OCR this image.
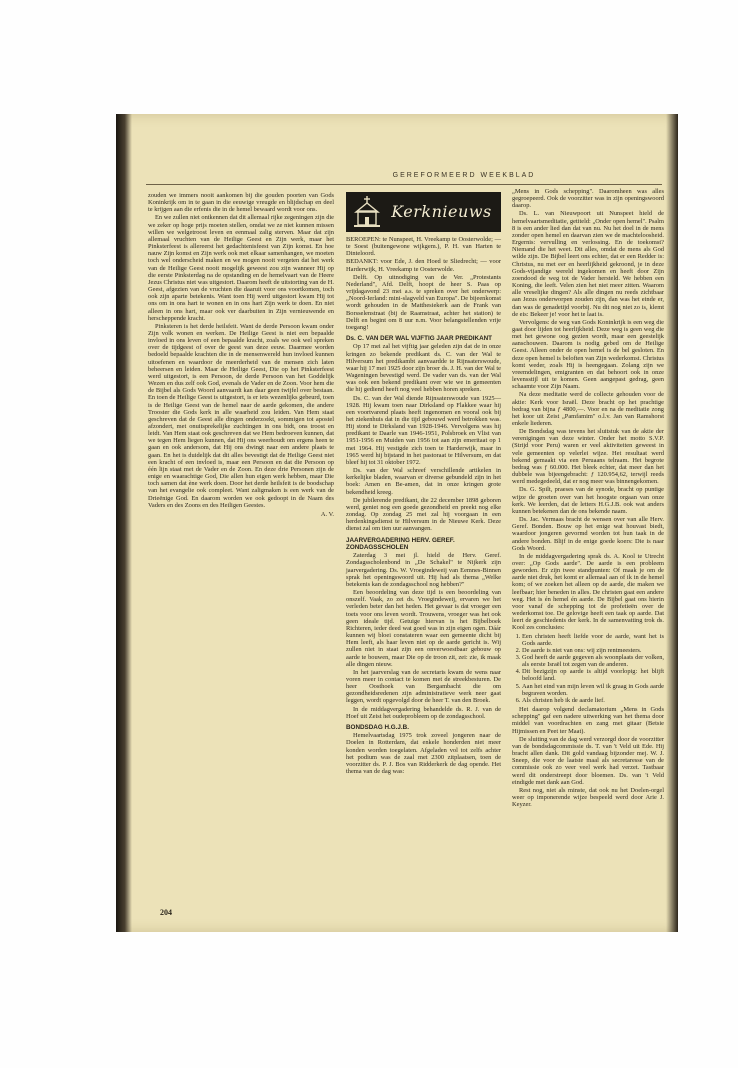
GEREFORMEERD WEEKBLAD

zouden we immers nooit aankomen bij die gouden poorten van Gods Koninkrijk om in te gaan in die eeuwige vreugde en blijdschap en deel te krijgen aan die erfenis die in de hemel bewaard wordt voor ons.

En we zullen niet ontkennen dat dit allemaal rijke zegeningen zijn die we zeker op hoge prijs moeten stellen, omdat we ze niet kunnen missen willen we welgetroost leven en eenmaal zalig sterven. Maar dat zijn allemaal vruchten van de Heilige Geest en Zijn werk, maar het Pinksterfeest is allereerst het gedachtenisfeest van Zijn komst. En hoe nauw Zijn komst en Zijn werk ook met elkaar samenhangen, we moeten toch wel onderscheid maken en we mogen nooit vergeten dat het werk van de Heilige Geest nooit mogelijk geweest zou zijn wanneer Hij op die eerste Pinksterdag na de opstanding en de hemelvaart van de Heere Jezus Christus niet was uitgestort. Daarom heeft de uitstorting van de H. Geest, afgezien van de vruchten die daaruit voor ons voortkomen, toch ook zijn aparte betekenis. Want toen Hij werd uitgestort kwam Hij tot ons om in ons hart te wonen en in ons hart Zijn werk te doen. En niet alleen in ons hart, maar ook ver daarbuiten in Zijn vernieuwende en herscheppende kracht.

Pinksteren is het derde heilsfeit. Want de derde Persoon kwam onder Zijn volk wonen en werken. De Heilige Geest is niet een bepaalde invloed in ons leven of een bepaalde kracht, zoals we ook wel spreken over de tijdgeest of over de geest van deze eeuw. Daarmee worden bedoeld bepaalde krachten die in de mensenwereld hun invloed kunnen uitoefenen en waardoor de meerderheid van de mensen zich laten beheersen en leiden. Maar de Heilige Geest, Die op het Pinksterfeest werd uitgestort, is een Persoon, de derde Persoon van het Goddelijk Wezen en dus zelf ook God, evenals de Vader en de Zoon. Voor hem die de Bijbel als Gods Woord aanvaardt kan daar geen twijfel over bestaan. En toen de Heilige Geest is uitgestort, is er iets wezenlijks gebeurd, toen is de Heilige Geest van de hemel naar de aarde gekomen, die andere Trooster die Gods kerk in alle waarheid zou leiden. Van Hem staat geschreven dat de Geest alle dingen onderzoekt, sommigen tot apostel afzondert, met onuitsprekelijke zuchtingen in ons bidt, ons troost en leidt. Van Hem staat ook geschreven dat we Hem bedroeven kunnen, dat we tegen Hem liegen kunnen, dat Hij ons weerhoudt om ergens heen te gaan en ook andersom, dat Hij ons dwingt naar een andere plaats te gaan. En het is duidelijk dat dit alles bevestigt dat de Heilige Geest niet een kracht of een invloed is, maar een Persoon en dat die Persoon op één lijn staat met de Vader en de Zoon. En deze drie Personen zijn de enige en waarachtige God, Die allen hun eigen werk hebben, maar Die toch samen dat ène werk doen. Door het derde heilsfeit is de boodschap van het evangelie ook compleet. Want zaligmaken is een werk van de Drieënige God. En daarom worden we ook gedoopt in de Naam des Vaders en des Zoons en des Heiligen Geestes.

A. V.
Kerknieuws

BEROEPEN: te Nunspeet, H. Vreekamp te Oosterwolde; — te Soest (buitengewone wijkgem.), P. H. van Harten te Dinteloord.

BEDANKT: voor Ede, J. den Hoed te Sliedrecht; — voor Harderwijk, H. Vreekamp te Oosterwolde.

Delft. Op uitnodiging van de Ver. „Protestants Nederland", Afd. Delft, hoopt de heer S. Paas op vrijdagavond 23 mei a.s. te spreken over het onderwerp: „Noord-Ierland: mini-slagveld van Europa". De bijeenkomst wordt gehouden in de Matthesiekerk aan de Frank van Borsselenstraat (bij de Raamstraat, achter het station) te Delft en begint om 8 uur n.m. Voor belangstellenden vrije toegang!

Ds. C. VAN DER WAL VIJFTIG JAAR PREDIKANT

Op 17 mei zal het vijftig jaar geleden zijn dat de in onze kringen zo bekende predikant ds. C. van der Wal te Hilversum het predikambt aanvaardde te Rijnsaterswoude, waar hij 17 mei 1925 door zijn broer ds. J. H. van der Wal te Wageningen bevestigd werd. De vader van ds. van der Wal was ook een bekend predikant over wie we in gemeenten die hij gediend heeft nog veel hebben horen spreken.

Ds. C. van der Wal diende Rijnsaterswoude van 1925—1928. Hij kwam toen naar Dirksland op Flakkee waar hij een voortvarend plaats heeft ingenomen en vooral ook bij het ziekenhuis dat in die tijd gebouwd werd betrokken was. Hij stond te Dirksland van 1928-1946. Vervolgens was hij predikant te Daarle van 1946-1951, Polsbroek en Vlist van 1951-1956 en Muiden van 1956 tot aan zijn emeritaat op 1 mei 1964. Hij vestigde zich toen te Harderwijk, maar in 1965 werd hij bijstand in het pastoraat te Hilversum, en dat bleef hij tot 31 oktober 1972.

Ds. van der Wal schreef verschillende artikelen in kerkelijke bladen, waarvan er diverse gebundeld zijn in het boek: Amen en Be-amen, dat in onze kringen grote bekendheid kreeg.

De jubilerende predikant, die 22 december 1898 geboren werd, geniet nog een goede gezondheid en preekt nog elke zondag. Op zondag 25 mei zal hij voorgaan in een herdenkingsdienst te Hilversum in de Nieuwe Kerk. Deze dienst zal om tien uur aanvangen.

JAARVERGADERING HERV. GEREF. ZONDAGSSCHOLEN

Zaterdag 3 mei jl. hield de Herv. Geref. Zondagsscholenbond in „De Schakel" te Nijkerk zijn jaarvergadering. Ds. W. Vroegindeweij van Eemnes-Binnen sprak het openingswoord uit. Hij had als thema „Welke betekenis kan de zondagsschool nog hebben?"

Een beoordeling van deze tijd is een beoordeling van onszelf. Vaak, zo zei ds. Vroegindeweij, ervaren we het verleden beter dan het heden. Het gevaar is dat vroeger een toets voor ons leven wordt. Trouwens, vroeger was het ook geen ideale tijd. Getuige hiervan is het Bijbelboek Richteren, ieder deed wat goed was in zijn eigen ogen. Dáár kunnen wij bloei constateren waar een gemeente dicht bij Hem leeft, als haar leven niet op de aarde gericht is. Wij zullen niet in staat zijn een onverwoestbaar gebouw op aarde te bouwen, maar Die op de troon zit, zei: zie, ik maak alle dingen nieuw.

In het jaarverslag van de secretaris kwam de wens naar voren meer in contact te komen met de streekbesturen. De heer Oosthoek van Bergambacht die om gezondheidsredenen zijn administratieve werk neer gaat leggen, wordt opgevolgd door de heer T. van den Broek.

In de middagvergadering behandelde ds. R. J. van de Hoef uit Zeist het oudeprobleem op de zondagsschool.

BONDSDAG H.G.J.B.

Hemelvaartsdag 1975 trok zoveel jongeren naar de Doelen in Rotterdam, dat enkele honderden niet meer konden worden toegelaten. Afgeladen vol tot zelfs achter het podium was de zaal met 2300 zitplaatsen, toen de voorzitter ds. P. J. Bos van Ridderkerk de dag opende. Het thema van de dag was:

„Mens in Gods schepping". Daaromheen was alles gegroepeerd. Ook de voorzitter was in zijn openingswoord daarop.

Ds. L. van Nieuwpoort uit Nunspeet hield de hemelvaartsmeditatie, getiteld: „Onder open hemel". Psalm 8 is een ander lied dan dat van nu. Nu het doel in de mens zonder open hemel en daarvan zien we de machteloosheid. Ergernis: vervulling en verlossing. En de toekomst? Niemand die het weet. Dit alles, omdat de mens als God wilde zijn. De Bijbel leert ons echter, dat er een Redder is: Christus, nu met eer en heerlijkheid gekroond, je in deze Gods-vijandige wereld ingekomen en heeft door Zijn zoendood de weg tot de Vader hersteld. We hebben een Koning, die leeft. Velen zien het niet meer zitten. Waarom alle vreselijke dingen? Als alle dingen nu reeds zichtbaar aan Jezus onderworpen zouden zijn, dan was het einde er, dan was de genadetijd voorbij. Nu dit nog niet zo is, klemt de eis: Bekeer je! voor het te laat is.

Vervolgens: de weg van Gods Koninkrijk is een weg die gaat door lijden tot heerlijkheid. Deze weg is geen weg die met het gewone oog gezien wordt, maar een geestelijk aanschouwen. Daarom is nodig gebed om de Heilige Geest. Alleen onder de open hemel is de bel gesloten. En deze open hemel is beloften van Zijn wederkomst. Christus komt weder, zoals Hij is heengegaan. Zolang zijn we vreemdelingen, emigranten en dat behoort ook in onze levensstijl uit te komen. Geen aangepast gedrag, geen schaamte voor Zijn Naam.

Na deze meditatie werd de collecte gehouden voor de aktie: Kerk voor Israël. Deze bracht op het prachtige bedrag van bijna ƒ 4800,—. Voor en na de meditatie zong het koor uit Zeist „Pamfamim" o.l.v. Jan van Ramshorst enkele liederen.

De Bondsdag was tevens het sluitstuk van de aktie der verenigingen van deze winter. Onder het motto S.V.P. (Strijd voor Peru) waren er veel aktiviteiten geweest in vele gemeenten op velerlei wijze. Het resultaat werd bekend gemaakt via een Peruaans telraam. Het begrote bedrag was ƒ 60.000. Het bleek echter, dat meer dan het dubbele was bijeengebracht: ƒ 120.954,62, terwijl reeds werd medegedeeld, dat er nog meer was binnengekomen.

Ds. G. Spilt, praeses van de synode, bracht op puntige wijze de groeten over van het hoogste orgaan van onze kerk. We leerden, dat de letters H.G.J.B. ook wat anders kunnen betekenen dan de ons bekende naam.

Ds. Jac. Vermaas bracht de wensen over van alle Herv. Geref. Bonden. Bouw op het enige wat houvast biedt, waardoor jongeren gevormd worden tot hun taak in de andere bonden. Blijf in de enige goede koers: Die is naar Gods Woord.

In de middagvergadering sprak ds. A. Kool te Utrecht over: „Op Gods aarde". De aarde is een probleem geworden. Er zijn twee standpunten: Of maak je om de aarde niet druk, het komt er allemaal aan of ik in de hemel kom; of we zoeken het alleen op de aarde, die maken we leefbaar; hier beneden in alles. De christen gaat een andere weg. Het is én hemel én aarde. De Bijbel gaat ons hierin voor vanaf de schepping tot de profetieën over de wederkomst toe. De gelovige heeft een taak op aarde. Dat leert de geschiedenis der kerk. In de samenvatting trok ds. Kool zes conclusies:

1. Een christen heeft liefde voor de aarde, want het is Gods aarde.
2. De aarde is niet van ons: wij zijn rentmeesters.
3. God heeft de aarde gegeven als woonplaats der volken, als eerste Israël tot zegen van de anderen.
4. Dit bezigzijn op aarde is altijd voorlopig: het blijft beloofd land.
5. Aan het eind van mijn leven wil ik graag in Gods aarde begraven worden.
6. Als christen heb ik de aarde lief.

Het daarop volgend declamatorium „Mens in Gods schepping" gaf een nadere uitwerking van het thema door middel van voordrachten en zang met gitaar (Betsie Hijmissen en Peet ter Maat).

De sluiting van de dag werd verzorgd door de voorzitter van de bondsdagcommissie ds. T. van 't Veld uit Ede. Hij bracht allen dank. Dit gold vandaag bijzonder mej. W. J. Sneep, die voor de laatste maal als secretaresse van de commissie ook zo veer veel werk had verzet. Tastbaar werd dit onderstreept door bloemen. Ds. van 't Veld eindigde met dank aan God.

Rest nog, niet als minste, dat ook nu het Doelen-orgel weer op imponerende wijze bespeeld werd door Arie J. Keyzer.

204
